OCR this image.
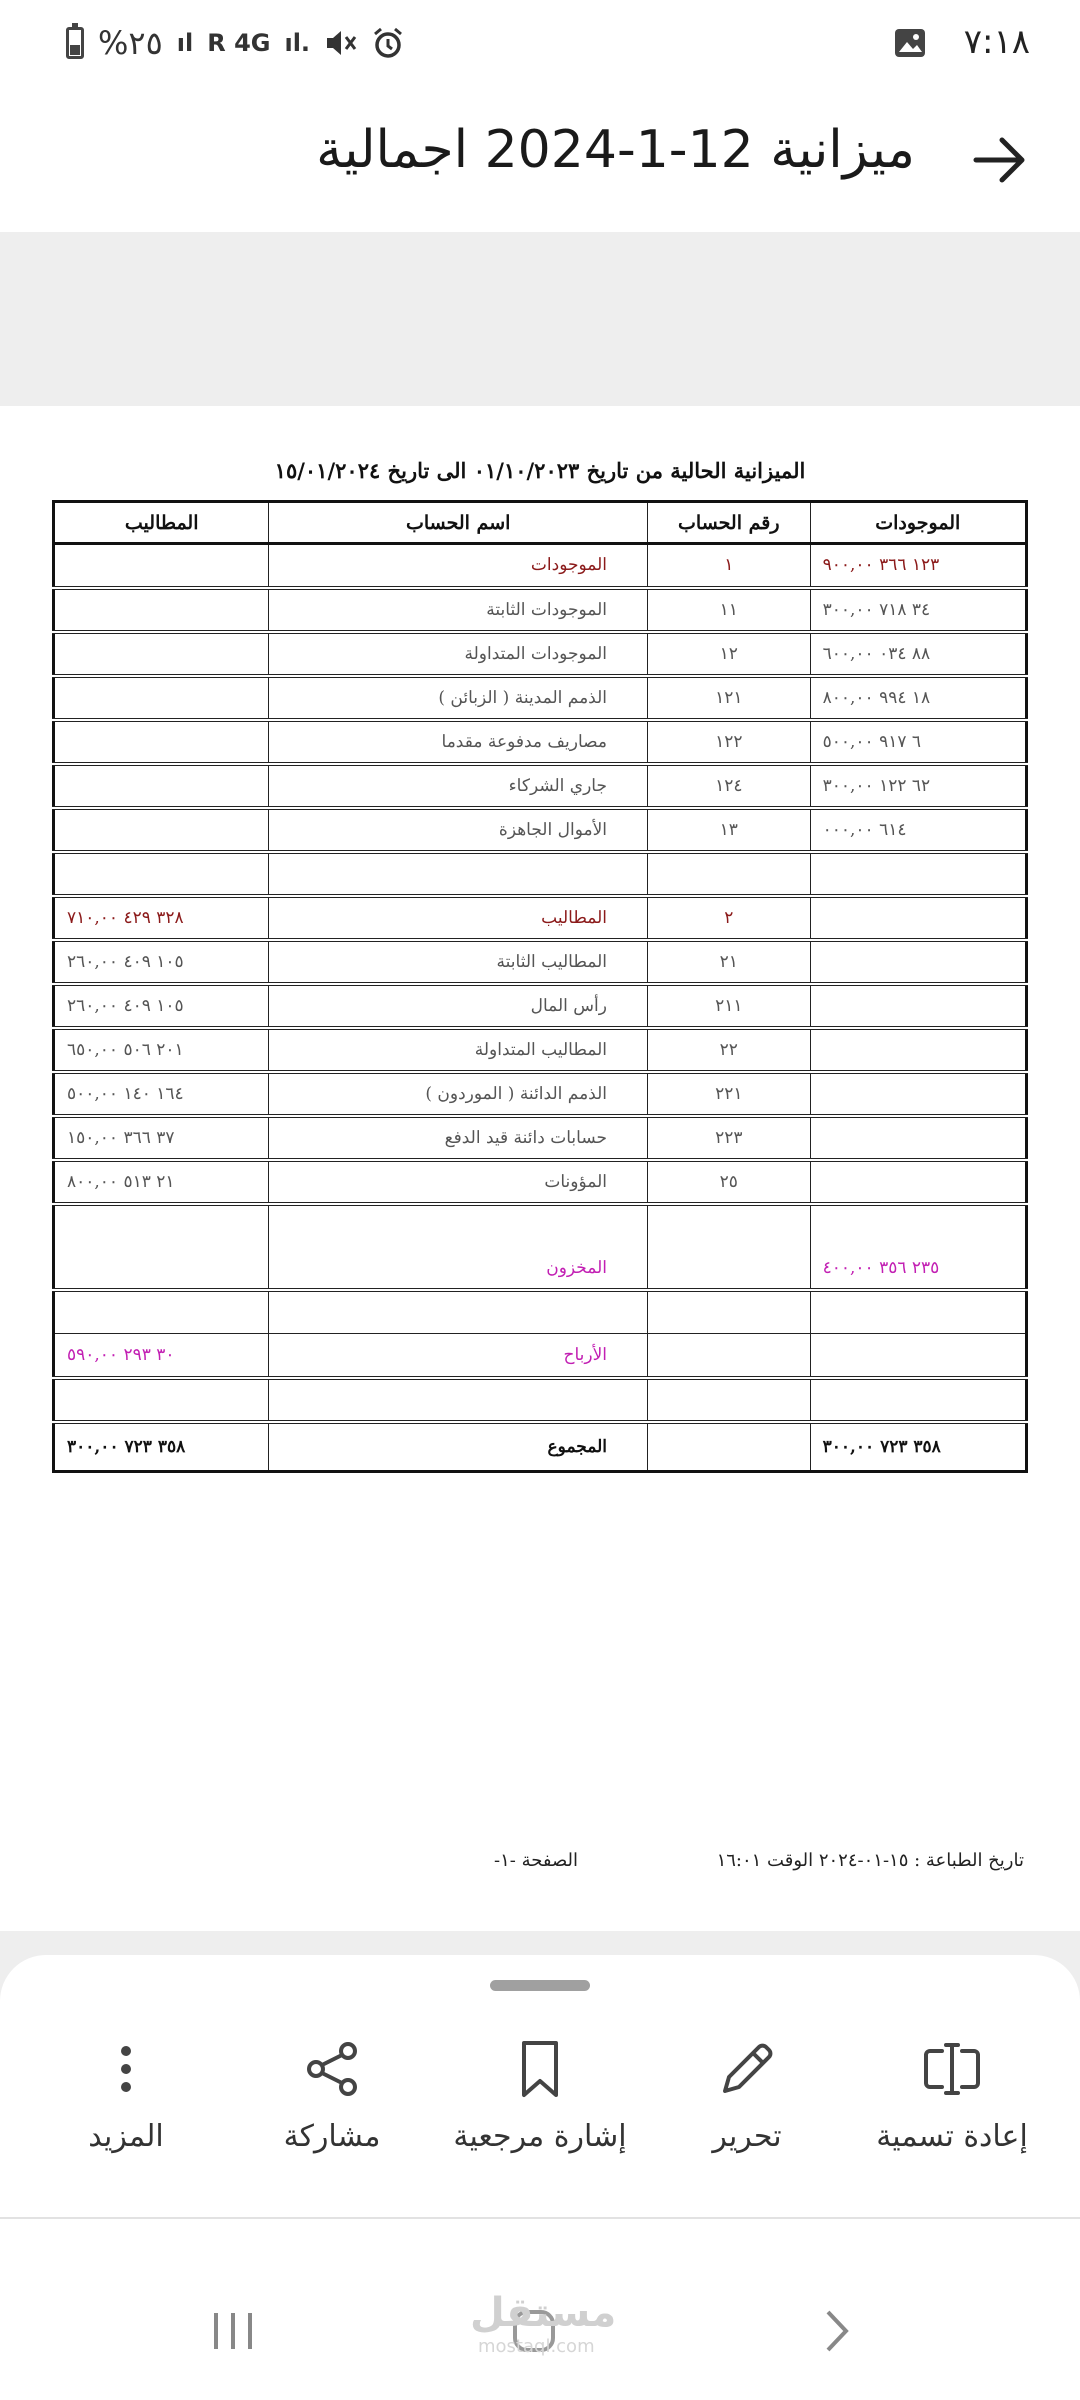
%٢٥ ıl R 4G ıl.	٧:١٨
ميزانية 12-1-2024 اجمالية
الميزانية الحالية من تاريخ ٠١/١٠/٢٠٢٣ الى تاريخ ١٥/٠١/٢٠٢٤
الموجودات	رقم الحساب	اسم الحساب	المطاليب
١٢٣ ٣٦٦ ٩٠٠,٠٠	١	الموجودات	
٣٤ ٧١٨ ٣٠٠,٠٠	١١	الموجودات الثابتة	
٨٨ ٠٣٤ ٦٠٠,٠٠	١٢	الموجودات المتداولة	
١٨ ٩٩٤ ٨٠٠,٠٠	١٢١	الذمم المدينة ( الزبائن )	
٦ ٩١٧ ٥٠٠,٠٠	١٢٢	مصاريف مدفوعة مقدما	
٦٢ ١٢٢ ٣٠٠,٠٠	١٢٤	جاري الشركاء	
٦١٤ ٠٠٠,٠٠	١٣	الأموال الجاهزة	

	٢	المطاليب	٣٢٨ ٤٢٩ ٧١٠,٠٠
	٢١	المطاليب الثابتة	١٠٥ ٤٠٩ ٢٦٠,٠٠
	٢١١	رأس المال	١٠٥ ٤٠٩ ٢٦٠,٠٠
	٢٢	المطاليب المتداولة	٢٠١ ٥٠٦ ٦٥٠,٠٠
	٢٢١	الذمم الدائنة ( الموردون )	١٦٤ ١٤٠ ٥٠٠,٠٠
	٢٢٣	حسابات دائنة قيد الدفع	٣٧ ٣٦٦ ١٥٠,٠٠
	٢٥	المؤونات	٢١ ٥١٣ ٨٠٠,٠٠
٢٣٥ ٣٥٦ ٤٠٠,٠٠		المخزون	

		الأرباح	٣٠ ٢٩٣ ٥٩٠,٠٠

٣٥٨ ٧٢٣ ٣٠٠,٠٠		المجموع	٣٥٨ ٧٢٣ ٣٠٠,٠٠
تاريخ الطباعة : ١٥-٠١-٢٠٢٤ الوقت ١٦:٠١
الصفحة -١-
إعادة تسمية
تحرير
إشارة مرجعية
مشاركة
المزيد
مستقل
mostaql.com
